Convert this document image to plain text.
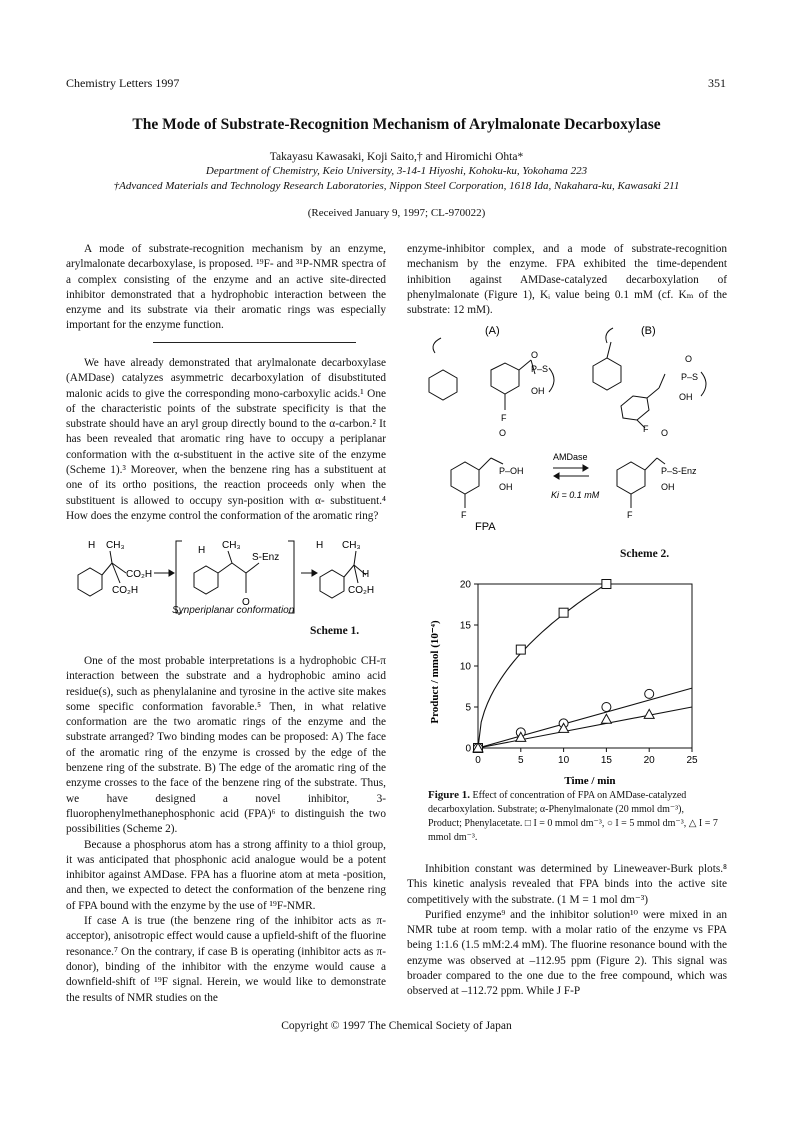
Chemistry Letters 1997	351
The Mode of Substrate-Recognition Mechanism of Arylmalonate Decarboxylase
Takayasu Kawasaki, Koji Saito,† and Hiromichi Ohta*
Department of Chemistry, Keio University, 3-14-1 Hiyoshi, Kohoku-ku, Yokohama 223
†Advanced Materials and Technology Research Laboratories, Nippon Steel Corporation, 1618 Ida, Nakahara-ku, Kawasaki 211
(Received January 9, 1997; CL-970022)

A mode of substrate-recognition mechanism by an enzyme, arylmalonate decarboxylase, is proposed. ¹⁹F- and ³¹P-NMR spectra of a complex consisting of the enzyme and an active site-directed inhibitor demonstrated that a hydrophobic interaction between the enzyme and its substrate via their aromatic rings was especially important for the enzyme function.

We have already demonstrated that arylmalonate decarboxylase (AMDase) catalyzes asymmetric decarboxylation of disubstituted malonic acids to give the corresponding mono-carboxylic acids.¹ One of the characteristic points of the substrate specificity is that the substrate should have an aryl group directly bound to the α-carbon.² It has been revealed that aromatic ring have to occupy a periplanar conformation with the α-substituent in the active site of the enzyme (Scheme 1).³ Moreover, when the benzene ring has a substituent at one of its ortho positions, the reaction proceeds only when the substituent is allowed to occupy syn-position with α- substituent.⁴ How does the enzyme control the conformation of the aromatic ring?

H CH₃
CO₂H
CO₂H
H CH₃
S-Enz
O
H CH₃
H
CO₂H
Synperiplanar conformation
Scheme 1.

One of the most probable interpretations is a hydrophobic CH-π interaction between the substrate and a hydrophobic amino acid residue(s), such as phenylalanine and tyrosine in the active site makes some specific conformation favorable.⁵ Then, in what relative conformation are the two aromatic rings of the enzyme and the substrate arranged? Two binding modes can be proposed: A) The face of the aromatic ring of the enzyme is crossed by the edge of the benzene ring of the substrate. B) The edge of the aromatic ring of the enzyme crosses to the face of the benzene ring of the substrate. Thus, we have designed a novel inhibitor, 3-fluorophenylmethanephosphonic acid (FPA)⁶ to distinguish the two possibilities (Scheme 2).

Because a phosphorus atom has a strong affinity to a thiol group, it was anticipated that phosphonic acid analogue would be a potent inhibitor against AMDase. FPA has a fluorine atom at meta -position, and then, we expected to detect the conformation of the benzene ring of FPA bound with the enzyme by the use of ¹⁹F-NMR.

If case A is true (the benzene ring of the inhibitor acts as π-acceptor), anisotropic effect would cause a upfield-shift of the fluorine resonance.⁷ On the contrary, if case B is operating (inhibitor acts as π-donor), binding of the inhibitor with the enzyme would cause a downfield-shift of ¹⁹F signal. Herein, we would like to demonstrate the results of NMR studies on the

enzyme-inhibitor complex, and a mode of substrate-recognition mechanism by the enzyme. FPA exhibited the time-dependent inhibition against AMDase-catalyzed decarboxylation of phenylmalonate (Figure 1), Kᵢ value being 0.1 mM (cf. Kₘ of the substrate: 12 mM).

(A)	(B)
O
P–S
OH
F
O
P–S
OH
F
O
P–OH
OH
F
FPA
AMDase
Ki = 0.1 mM
O
P–S-Enz
OH
F
Scheme 2.
0	5	10	15	20	25
0
5
10
15
20
Time / min
Product / mmol (10⁻⁴)
Figure 1. Effect of concentration of FPA on AMDase-catalyzed decarboxylation. Substrate; α-Phenylmalonate (20 mmol dm⁻³), Product; Phenylacetate. □ I = 0 mmol dm⁻³, ○ I = 5 mmol dm⁻³, △ I = 7 mmol dm⁻³.

Inhibition constant was determined by Lineweaver-Burk plots.⁸ This kinetic analysis revealed that FPA binds into the active site competitively with the substrate. (1 M = 1 mol dm⁻³)

Purified enzyme⁹ and the inhibitor solution¹⁰ were mixed in an NMR tube at room temp. with a molar ratio of the enzyme vs FPA being 1:1.6 (1.5 mM:2.4 mM). The fluorine resonance bound with the enzyme was observed at –112.95 ppm (Figure 2). This signal was broader compared to the one due to the free compound, which was observed at –112.72 ppm. While J F-P

Copyright © 1997 The Chemical Society of Japan
